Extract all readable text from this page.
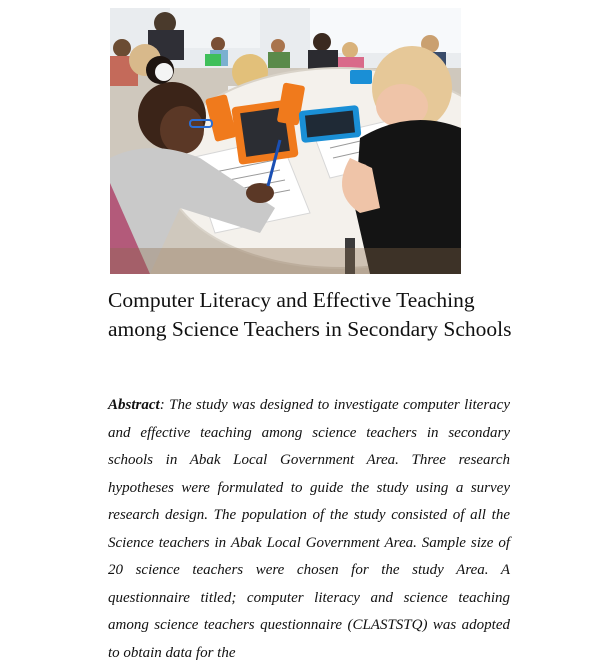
Computer Literacy and Effective Teaching among Science Teachers in Secondary Schools

Abstract: The study was designed to investigate computer literacy and effective teaching among science teachers in secondary schools in Abak Local Government Area. Three research hypotheses were formulated to guide the study using a survey research design. The population of the study consisted of all the Science teachers in Abak Local Government Area. Sample size of 20 science teachers were chosen for the study Area. A questionnaire titled; computer literacy and science teaching among science teachers questionnaire (CLASTSTQ) was adopted to obtain data for the
